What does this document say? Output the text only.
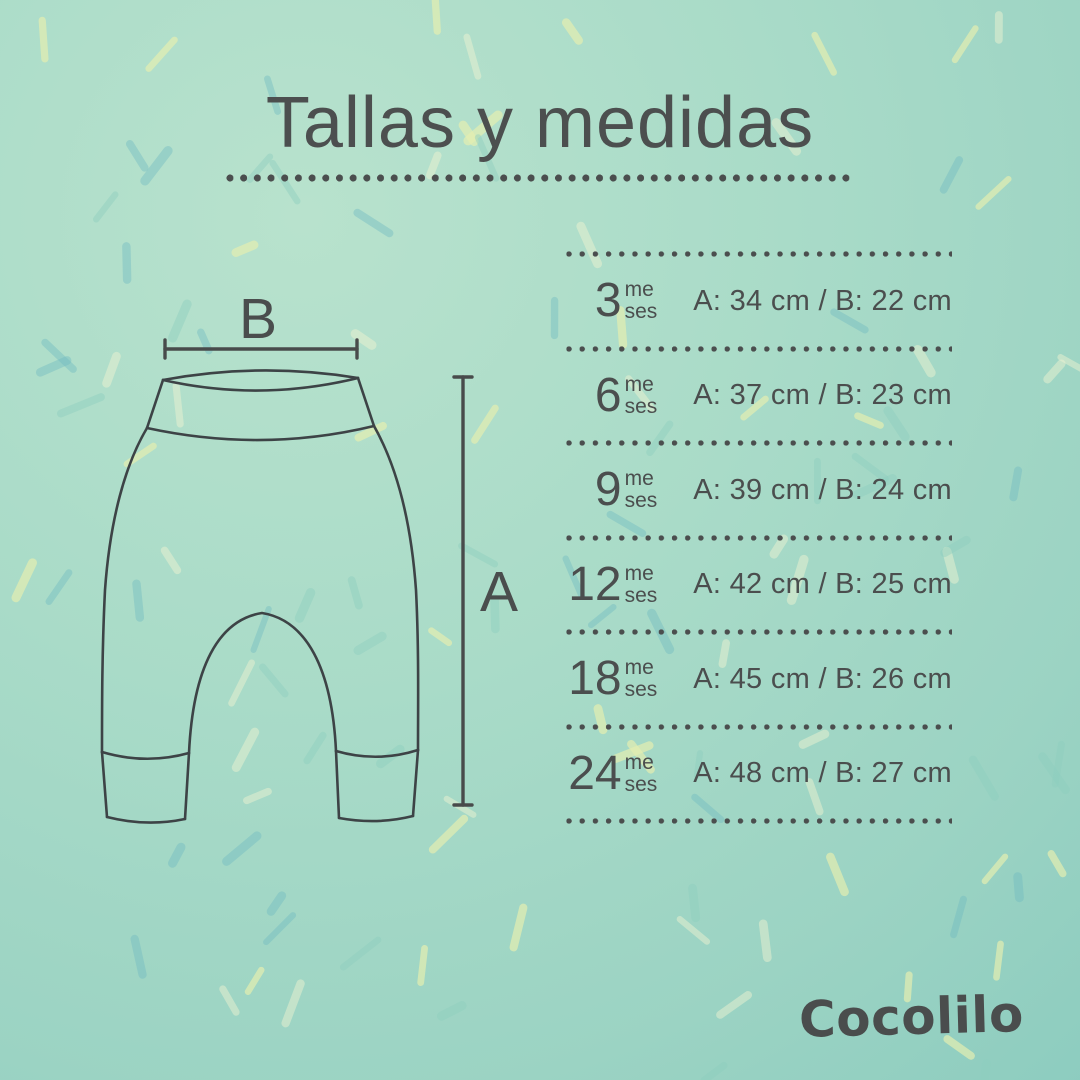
Tallas y medidas
B
A
3 me
ses A: 34 cm / B: 22 cm
6 me
ses A: 37 cm / B: 23 cm
9 me
ses A: 39 cm / B: 24 cm
12 me
ses A: 42 cm / B: 25 cm
18 me
ses A: 45 cm / B: 26 cm
24 me
ses A: 48 cm / B: 27 cm
Cocolilo
